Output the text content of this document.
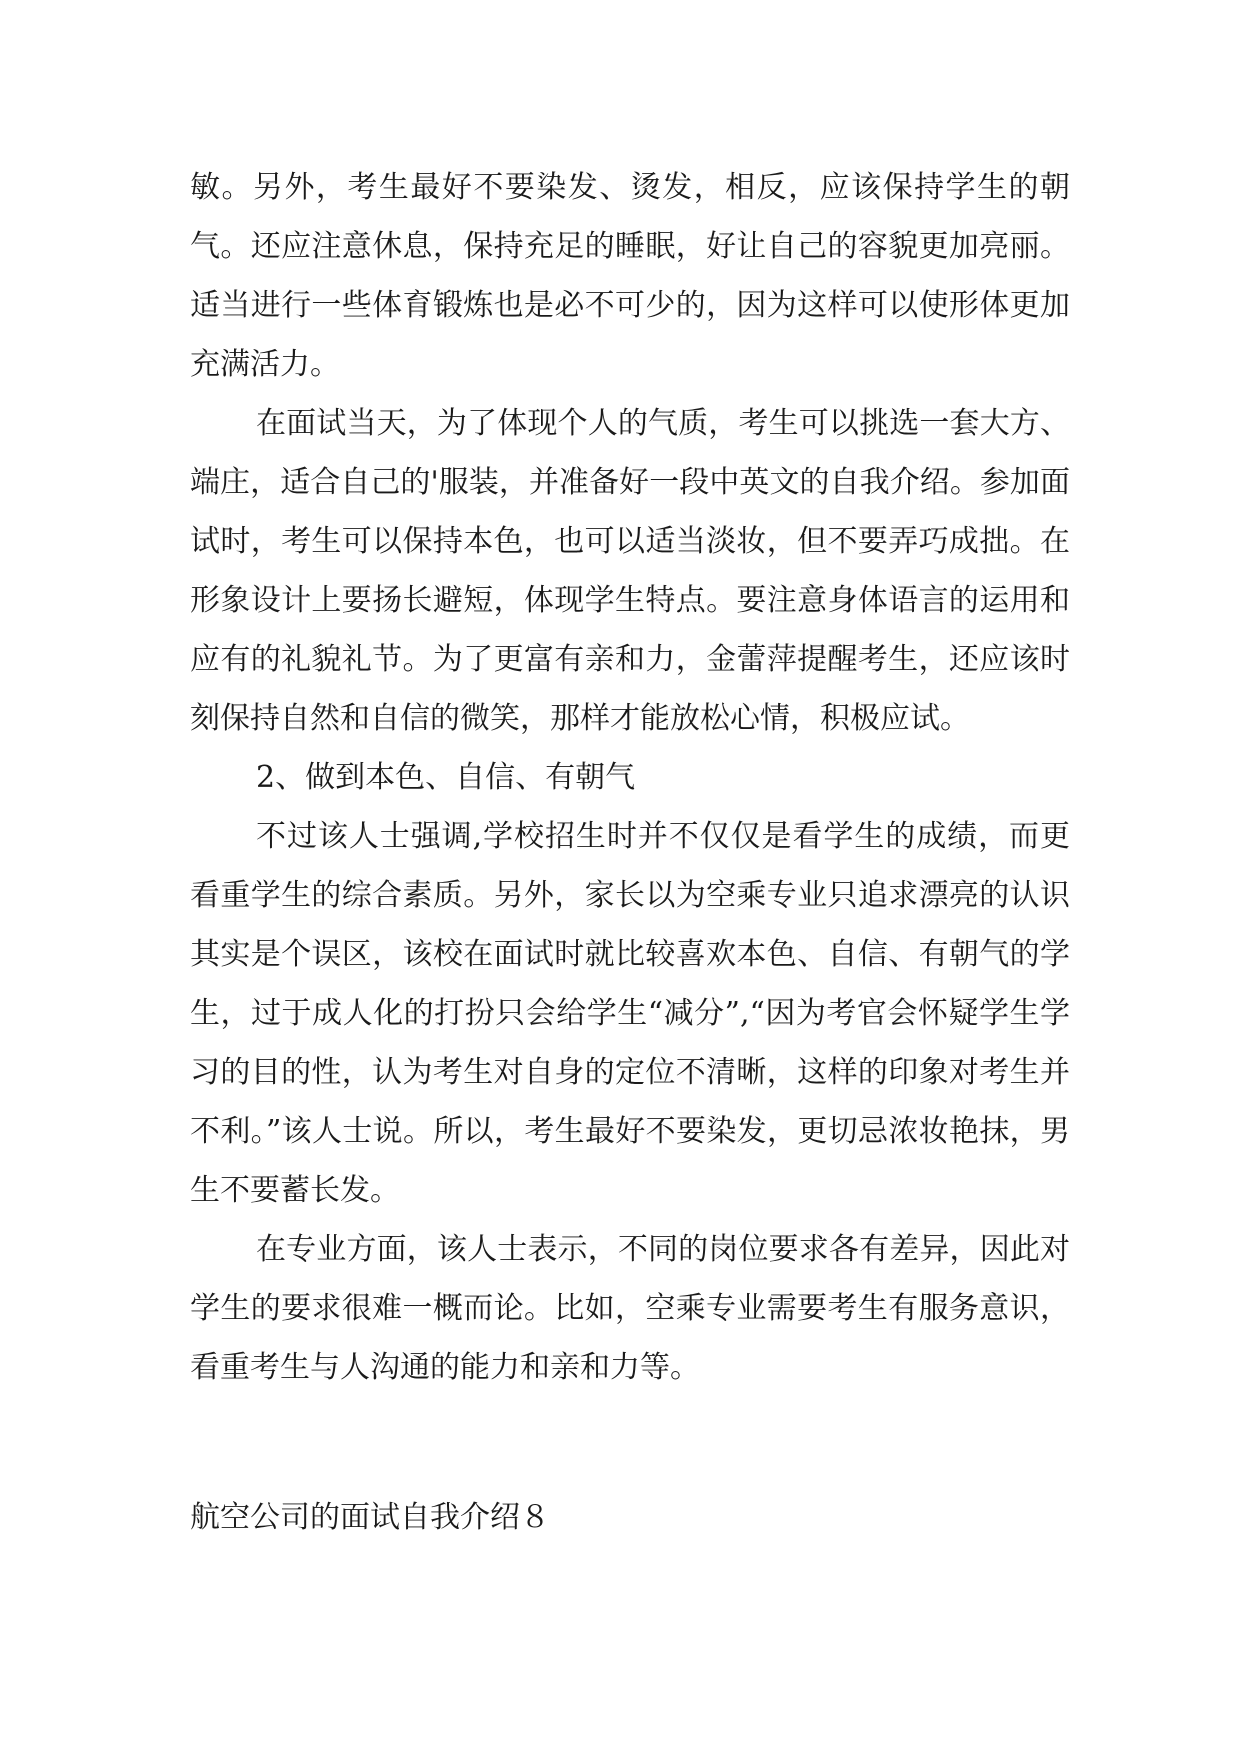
敏。另外，考生最好不要染发、烫发，相反，应该保持学生的朝气。还应注意休息，保持充足的睡眠，好让自己的容貌更加亮丽。适当进行一些体育锻炼也是必不可少的，因为这样可以使形体更加充满活力。

在面试当天，为了体现个人的气质，考生可以挑选一套大方、端庄，适合自己的'服装，并准备好一段中英文的自我介绍。参加面试时，考生可以保持本色，也可以适当淡妆，但不要弄巧成拙。在形象设计上要扬长避短，体现学生特点。要注意身体语言的运用和应有的礼貌礼节。为了更富有亲和力，金蕾萍提醒考生，还应该时刻保持自然和自信的微笑，那样才能放松心情，积极应试。

2、做到本色、自信、有朝气

不过该人士强调,学校招生时并不仅仅是看学生的成绩，而更看重学生的综合素质。另外，家长以为空乘专业只追求漂亮的认识其实是个误区，该校在面试时就比较喜欢本色、自信、有朝气的学生，过于成人化的打扮只会给学生“减分”,“因为考官会怀疑学生学习的目的性，认为考生对自身的定位不清晰，这样的印象对考生并不利。”该人士说。所以，考生最好不要染发，更切忌浓妆艳抹，男生不要蓄长发。

在专业方面，该人士表示，不同的岗位要求各有差异，因此对学生的要求很难一概而论。比如，空乘专业需要考生有服务意识，看重考生与人沟通的能力和亲和力等。

航空公司的面试自我介绍８
